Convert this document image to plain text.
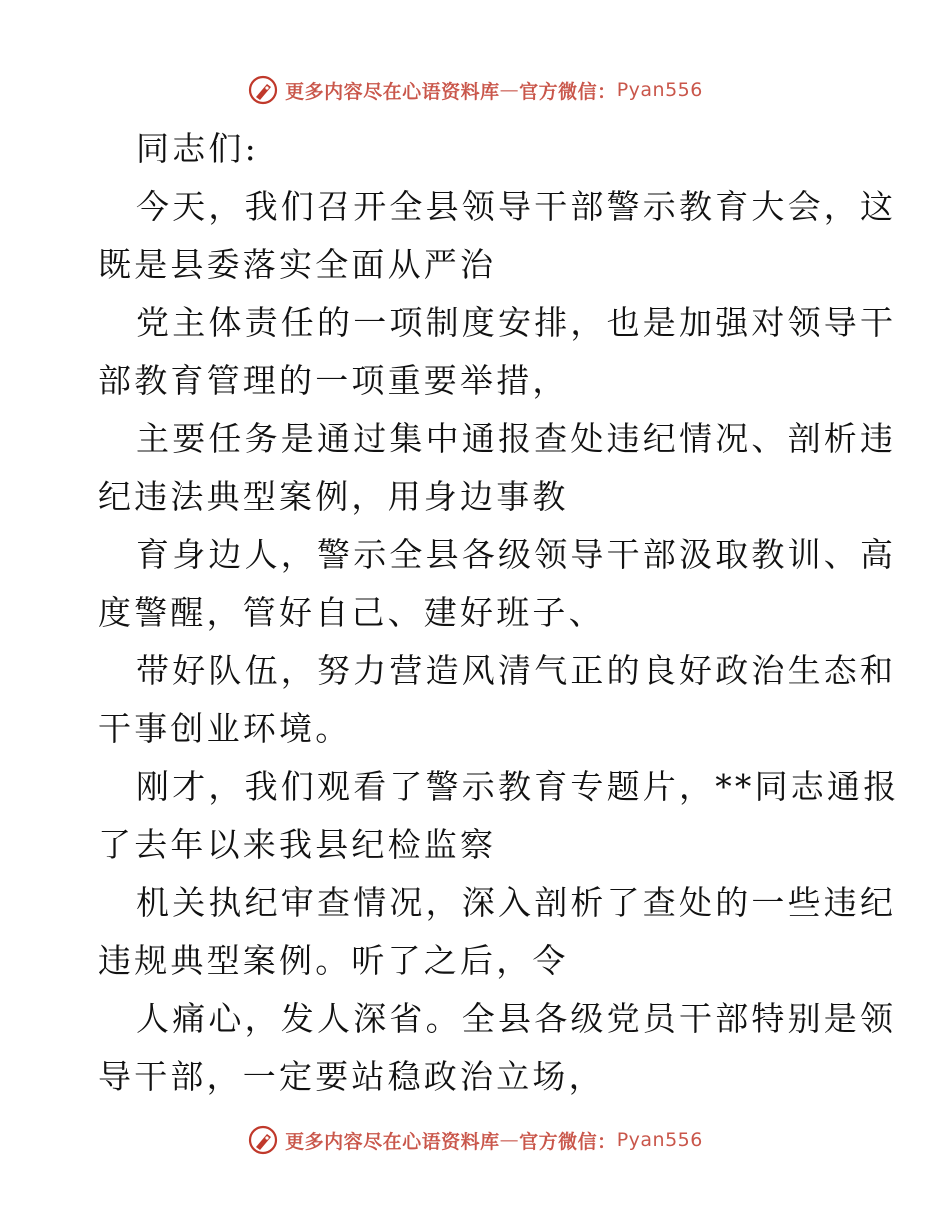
更多内容尽在心语资料库 — 官方微信： Pyan556
同志们:
今天，我们召开全县领导干部警示教育大会，这
既是县委落实全面从严治
党主体责任的一项制度安排，也是加强对领导干
部教育管理的一项重要举措，
主要任务是通过集中通报查处违纪情况、剖析违
纪违法典型案例，用身边事教
育身边人，警示全县各级领导干部汲取教训、高
度警醒，管好自己、建好班子、
带好队伍，努力营造风清气正的良好政治生态和
干事创业环境。
刚才，我们观看了警示教育专题片，**同志通报
了去年以来我县纪检监察
机关执纪审查情况，深入剖析了查处的一些违纪
违规典型案例。听了之后，令
人痛心，发人深省。全县各级党员干部特别是领
导干部，一定要站稳政治立场，
更多内容尽在心语资料库 — 官方微信： Pyan556
